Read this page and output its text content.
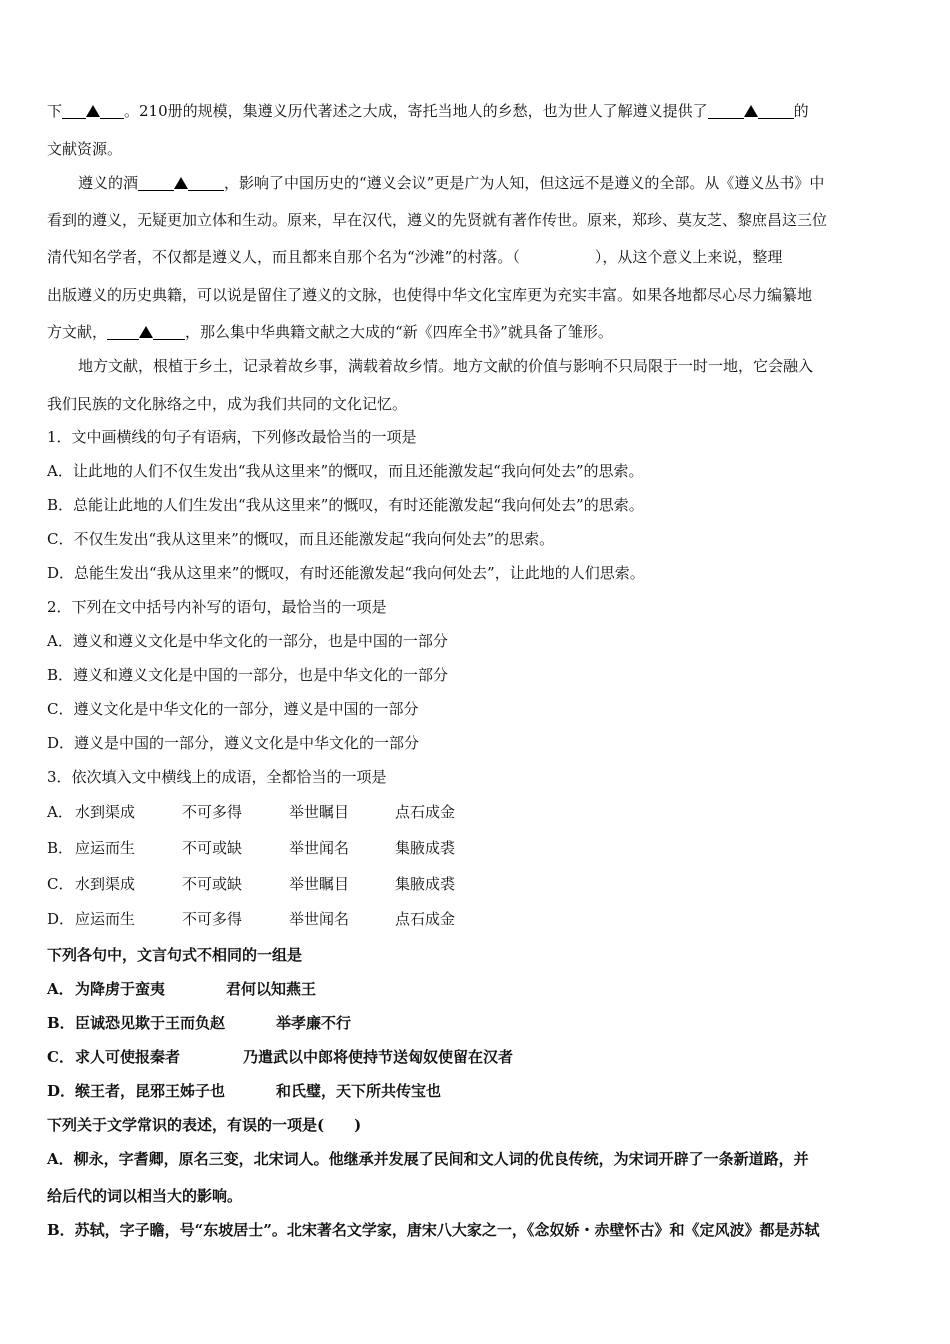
下	。210册的规模，集遵义历代著述之大成，寄托当地人的乡愁，也为世人了解遵义提供了	的
文献资源。
遵义的酒	，影响了中国历史的“遵义会议”更是广为人知，但这远不是遵义的全部。从《遵义丛书》中
看到的遵义，无疑更加立体和生动。原来，早在汉代，遵义的先贤就有著作传世。原来，郑珍、莫友芝、黎庶昌这三位
清代知名学者，不仅都是遵义人，而且都来自那个名为“沙滩”的村落。（　　　　　），从这个意义上来说，整理
出版遵义的历史典籍，可以说是留住了遵义的文脉，也使得中华文化宝库更为充实丰富。如果各地都尽心尽力编纂地
方文献，	，那么集中华典籍文献之大成的“新《四库全书》”就具备了雏形。
地方文献，根植于乡土，记录着故乡事，满载着故乡情。地方文献的价值与影响不只局限于一时一地，它会融入
我们民族的文化脉络之中，成为我们共同的文化记忆。
1．文中画横线的句子有语病，下列修改最恰当的一项是
A．让此地的人们不仅生发出“我从这里来”的慨叹，而且还能激发起“我向何处去”的思索。
B．总能让此地的人们生发出“我从这里来”的慨叹，有时还能激发起“我向何处去”的思索。
C．不仅生发出“我从这里来”的慨叹，而且还能激发起“我向何处去”的思索。
D．总能生发出“我从这里来”的慨叹，有时还能激发起“我向何处去”，让此地的人们思索。
2．下列在文中括号内补写的语句，最恰当的一项是
A．遵义和遵义文化是中华文化的一部分，也是中国的一部分
B．遵义和遵义文化是中国的一部分，也是中华文化的一部分
C．遵义文化是中华文化的一部分，遵义是中国的一部分
D．遵义是中国的一部分，遵义文化是中华文化的一部分
3．依次填入文中横线上的成语，全都恰当的一项是
A． 水到渠成	不可多得	举世瞩目	点石成金
B． 应运而生	不可或缺	举世闻名	集腋成裘
C． 水到渠成	不可或缺	举世瞩目	集腋成裘
D． 应运而生	不可多得	举世闻名	点石成金
下列各句中，文言句式不相同的一组是
A． 为降虏于蛮夷	君何以知燕王
B． 臣诚恐见欺于王而负赵	举孝廉不行
C． 求人可使报秦者	乃遣武以中郎将使持节送匈奴使留在汉者
D． 缑王者，昆邪王姊子也	和氏璧，天下所共传宝也
下列关于文学常识的表述，有误的一项是(　　)
A．柳永，字耆卿，原名三变，北宋词人。他继承并发展了民间和文人词的优良传统，为宋词开辟了一条新道路，并
给后代的词以相当大的影响。
B．苏轼，字子瞻，号“东坡居士”。北宋著名文学家，唐宋八大家之一，《念奴娇・赤壁怀古》和《定风波》都是苏轼
